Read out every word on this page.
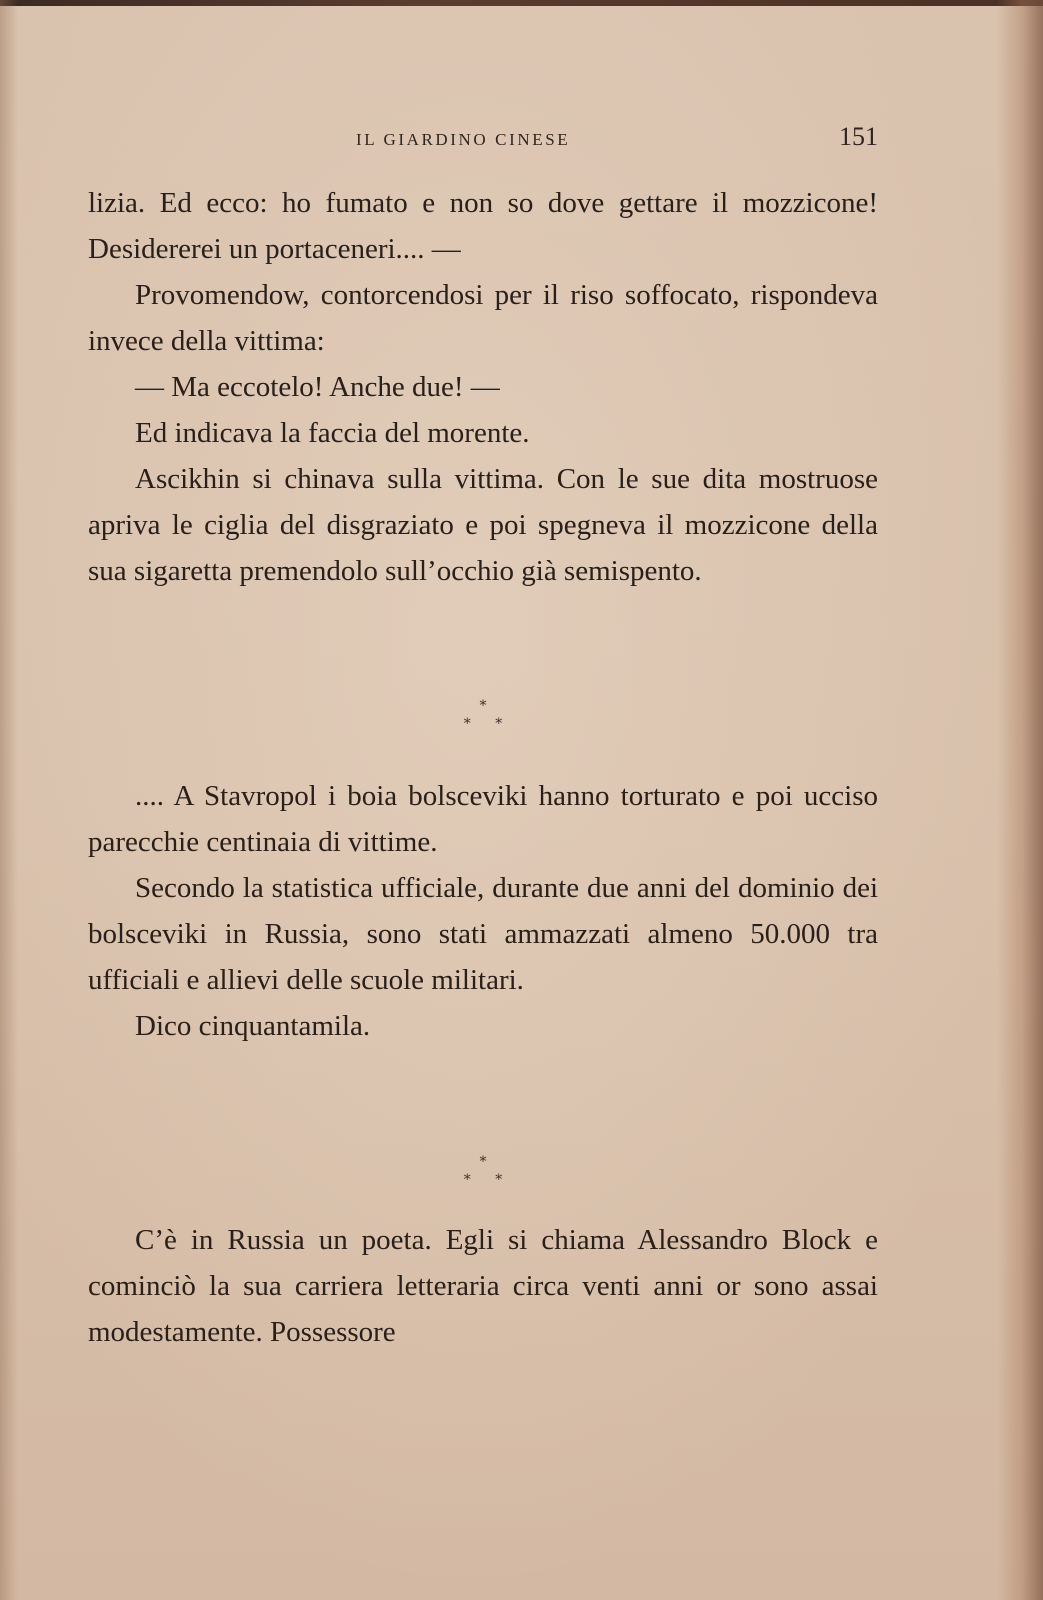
IL GIARDINO CINESE	151

lizia. Ed ecco: ho fumato e non so dove gettare il mozzicone! Desidererei un portaceneri.... —

Provomendow, contorcendosi per il riso soffocato, rispondeva invece della vittima:

— Ma eccotelo! Anche due! —

Ed indicava la faccia del morente.

Ascikhin si chinava sulla vittima. Con le sue dita mostruose apriva le ciglia del disgraziato e poi spegneva il mozzicone della sua sigaretta premendolo sull’occhio già semispento.

*
* *

.... A Stavropol i boia bolsceviki hanno torturato e poi ucciso parecchie centinaia di vittime.

Secondo la statistica ufficiale, durante due anni del dominio dei bolsceviki in Russia, sono stati ammazzati almeno 50.000 tra ufficiali e allievi delle scuole militari.

Dico cinquantamila.

*
* *

C’è in Russia un poeta. Egli si chiama Alessandro Block e cominciò la sua carriera letteraria circa venti anni or sono assai modestamente. Possessore
